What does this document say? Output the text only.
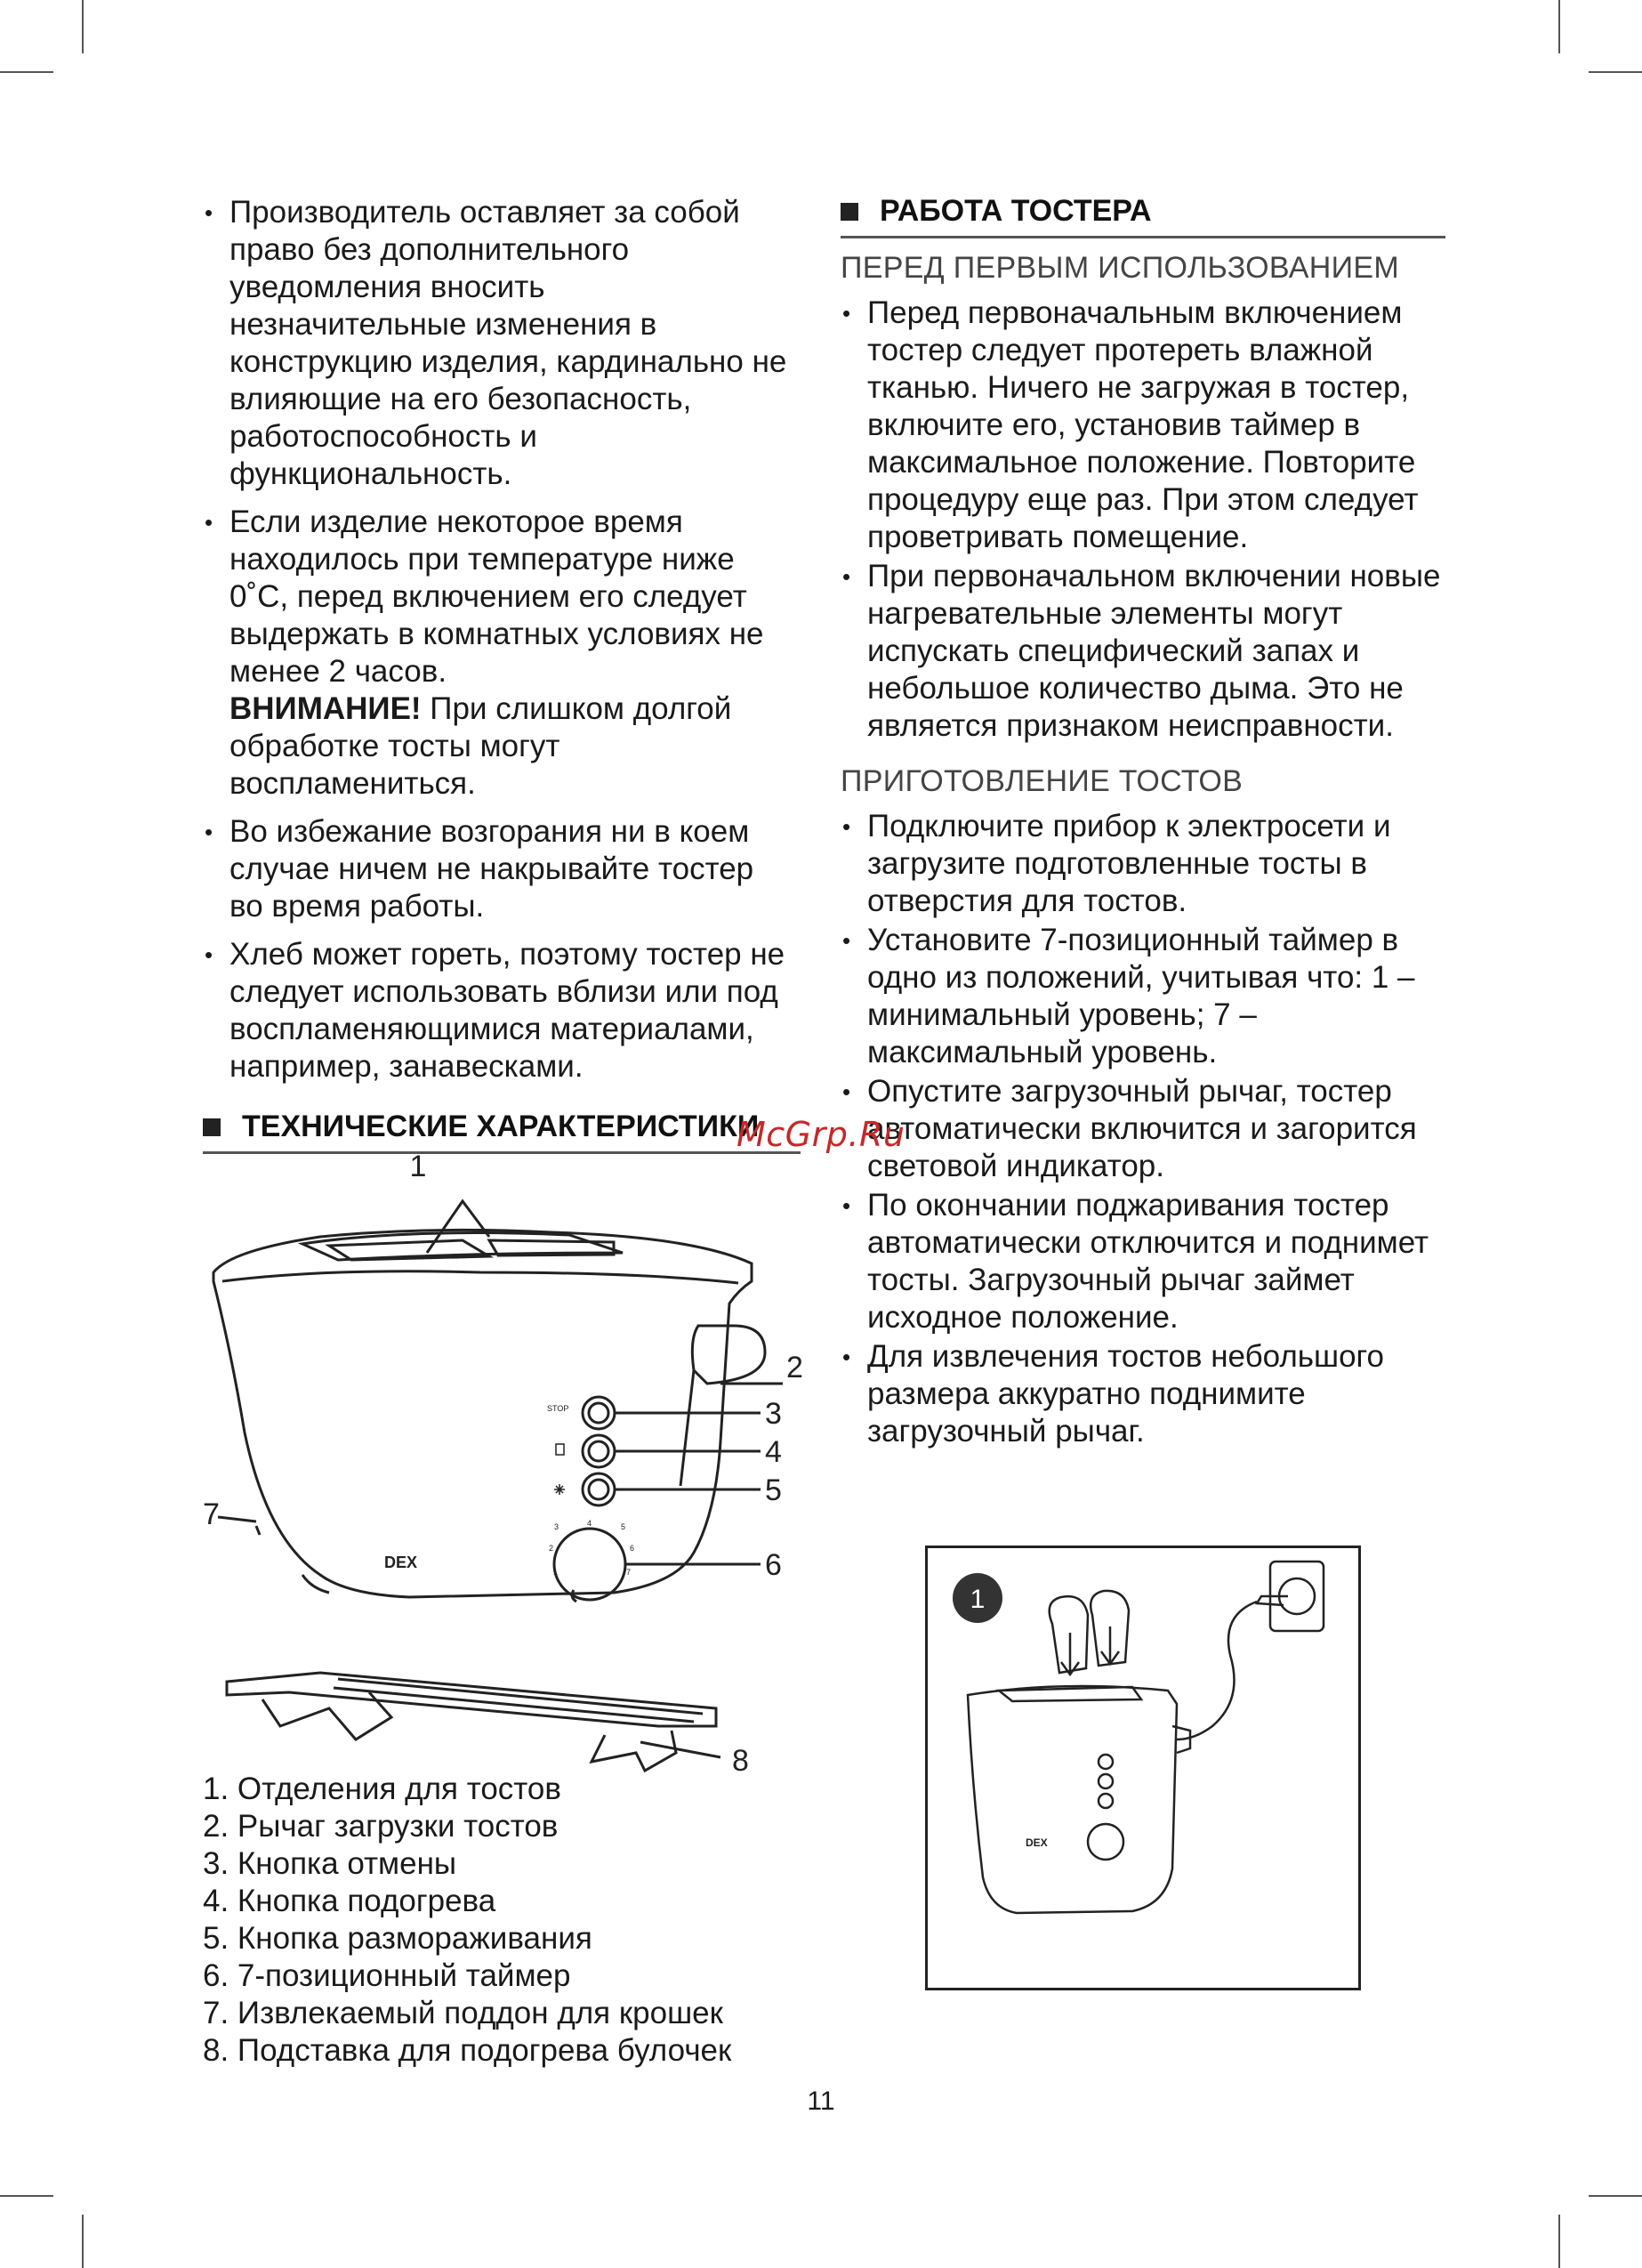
• Производитель оставляет за собой право без дополнительного уведомления вносить незначительные изменения в конструкцию изделия, кардинально не влияющие на его безопасность, работоспособность и функциональность.
• Если изделие некоторое время находилось при температуре ниже 0˚С, перед включением его следует выдержать в комнатных условиях не менее 2 часов.
ВНИМАНИЕ! При слишком долгой обработке тосты могут воспламениться.
• Во избежание возгорания ни в коем случае ничем не накрывайте тостер во время работы.
• Хлеб может гореть, поэтому тостер не следует использовать вблизи или под воспламеняющимися материалами, например, занавесками.
ТЕХНИЧЕСКИЕ ХАРАКТЕРИСТИКИ
1
2
3
4
5
6
7
8
STOP
DEX
1
2
3	4	5
6
7
1. Отделения для тостов
2. Рычаг загрузки тостов
3. Кнопка отмены
4. Кнопка подогрева
5. Кнопка размораживания
6. 7-позиционный таймер
7. Извлекаемый поддон для крошек
8. Подставка для подогрева булочек
РАБОТА ТОСТЕРА
ПЕРЕД ПЕРВЫМ ИСПОЛЬЗОВАНИЕМ
• Перед первоначальным включением тостер следует протереть влажной тканью. Ничего не загружая в тостер, включите его, установив таймер в максимальное положение. Повторите процедуру еще раз. При этом следует проветривать помещение.
• При первоначальном включении новые нагревательные элементы могут испускать специфический запах и небольшое количество дыма. Это не является признаком неисправности.
ПРИГОТОВЛЕНИЕ ТОСТОВ
• Подключите прибор к электросети и загрузите подготовленные тосты в отверстия для тостов.
• Установите 7-позиционный таймер в одно из положений, учитывая что: 1 – минимальный уровень; 7 – максимальный уровень.
• Опустите загрузочный рычаг, тостер автоматически включится и загорится световой индикатор.
• По окончании поджаривания тостер автоматически отключится и поднимет тосты. Загрузочный рычаг займет исходное положение.
• Для извлечения тостов небольшого размера аккуратно поднимите загрузочный рычаг.
1
DEX
McGrp.Ru
11
